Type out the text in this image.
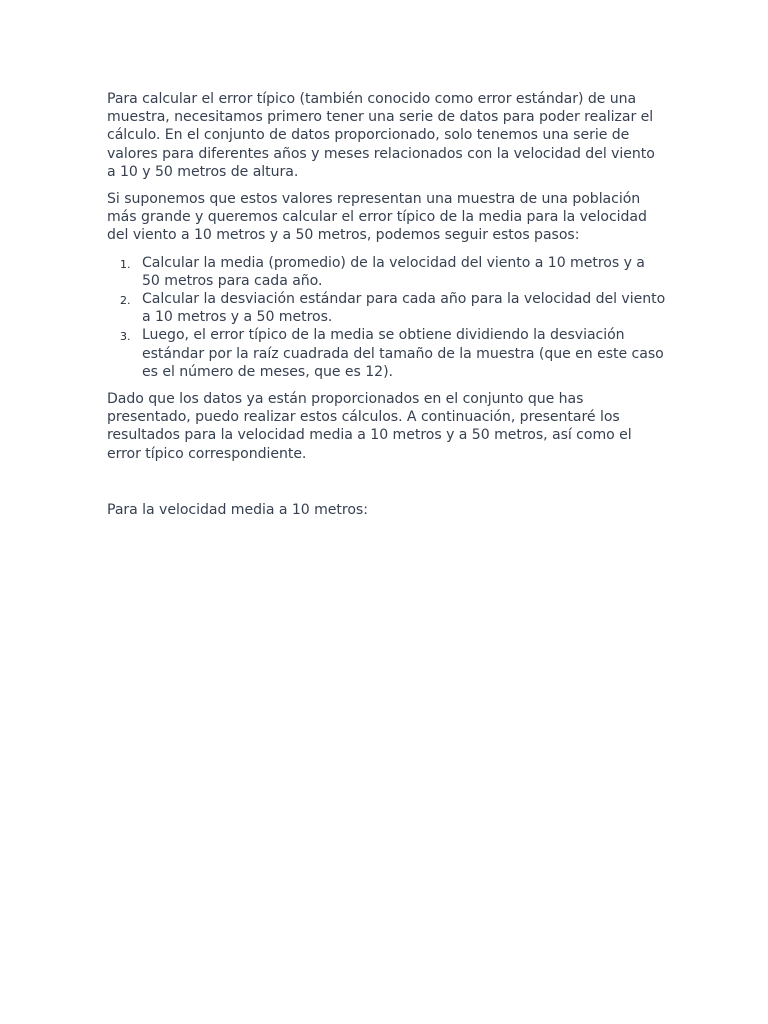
Para calcular el error típico (también conocido como error estándar) de una muestra, necesitamos primero tener una serie de datos para poder realizar el cálculo. En el conjunto de datos proporcionado, solo tenemos una serie de valores para diferentes años y meses relacionados con la velocidad del viento a 10 y 50 metros de altura.

Si suponemos que estos valores representan una muestra de una población más grande y queremos calcular el error típico de la media para la velocidad del viento a 10 metros y a 50 metros, podemos seguir estos pasos:

1. Calcular la media (promedio) de la velocidad del viento a 10 metros y a 50 metros para cada año.
2. Calcular la desviación estándar para cada año para la velocidad del viento a 10 metros y a 50 metros.
3. Luego, el error típico de la media se obtiene dividiendo la desviación estándar por la raíz cuadrada del tamaño de la muestra (que en este caso es el número de meses, que es 12).

Dado que los datos ya están proporcionados en el conjunto que has presentado, puedo realizar estos cálculos. A continuación, presentaré los resultados para la velocidad media a 10 metros y a 50 metros, así como el error típico correspondiente.

Para la velocidad media a 10 metros:
